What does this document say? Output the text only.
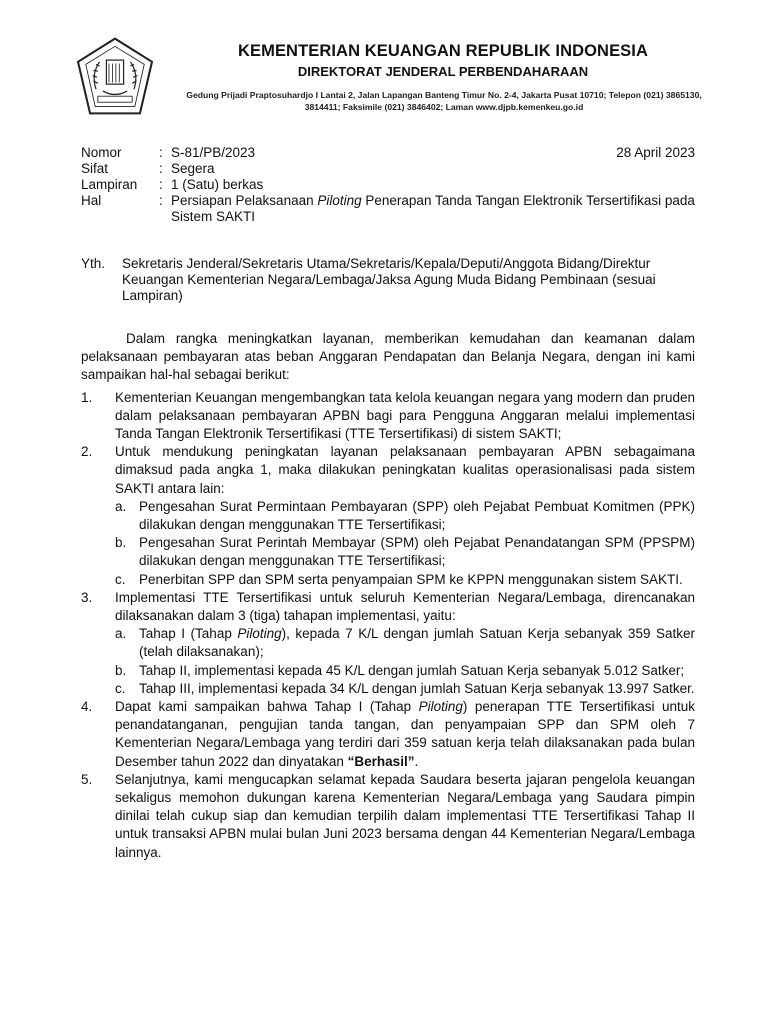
KEMENTERIAN KEUANGAN REPUBLIK INDONESIA
DIREKTORAT JENDERAL PERBENDAHARAAN
Gedung Prijadi Praptosuhardjo I Lantai 2, Jalan Lapangan Banteng Timur No. 2-4, Jakarta Pusat 10710; Telepon (021) 3865130,
3814411; Faksimile (021) 3846402; Laman www.djpb.kemenkeu.go.id
28 April 2023
Nomor	: S-81/PB/2023
Sifat	: Segera
Lampiran	: 1 (Satu) berkas
Hal	: Persiapan Pelaksanaan Piloting Penerapan Tanda Tangan Elektronik Tersertifikasi pada Sistem SAKTI
Yth.	Sekretaris Jenderal/Sekretaris Utama/Sekretaris/Kepala/Deputi/Anggota Bidang/Direktur Keuangan Kementerian Negara/Lembaga/Jaksa Agung Muda Bidang Pembinaan (sesuai Lampiran)

Dalam rangka meningkatkan layanan, memberikan kemudahan dan keamanan dalam pelaksanaan pembayaran atas beban Anggaran Pendapatan dan Belanja Negara, dengan ini kami sampaikan hal-hal sebagai berikut:

1.	Kementerian Keuangan mengembangkan tata kelola keuangan negara yang modern dan pruden dalam pelaksanaan pembayaran APBN bagi para Pengguna Anggaran melalui implementasi Tanda Tangan Elektronik Tersertifikasi (TTE Tersertifikasi) di sistem SAKTI;
2.	Untuk mendukung peningkatan layanan pelaksanaan pembayaran APBN sebagaimana dimaksud pada angka 1, maka dilakukan peningkatan kualitas operasionalisasi pada sistem SAKTI antara lain:
a. Pengesahan Surat Permintaan Pembayaran (SPP) oleh Pejabat Pembuat Komitmen (PPK) dilakukan dengan menggunakan TTE Tersertifikasi;
b. Pengesahan Surat Perintah Membayar (SPM) oleh Pejabat Penandatangan SPM (PPSPM) dilakukan dengan menggunakan TTE Tersertifikasi;
c. Penerbitan SPP dan SPM serta penyampaian SPM ke KPPN menggunakan sistem SAKTI.
3.	Implementasi TTE Tersertifikasi untuk seluruh Kementerian Negara/Lembaga, direncanakan dilaksanakan dalam 3 (tiga) tahapan implementasi, yaitu:
a. Tahap I (Tahap Piloting), kepada 7 K/L dengan jumlah Satuan Kerja sebanyak 359 Satker (telah dilaksanakan);
b. Tahap II, implementasi kepada 45 K/L dengan jumlah Satuan Kerja sebanyak 5.012 Satker;
c. Tahap III, implementasi kepada 34 K/L dengan jumlah Satuan Kerja sebanyak 13.997 Satker.
4.	Dapat kami sampaikan bahwa Tahap I (Tahap Piloting) penerapan TTE Tersertifikasi untuk penandatanganan, pengujian tanda tangan, dan penyampaian SPP dan SPM oleh 7 Kementerian Negara/Lembaga yang terdiri dari 359 satuan kerja telah dilaksanakan pada bulan Desember tahun 2022 dan dinyatakan “Berhasil”.
5.	Selanjutnya, kami mengucapkan selamat kepada Saudara beserta jajaran pengelola keuangan sekaligus memohon dukungan karena Kementerian Negara/Lembaga yang Saudara pimpin dinilai telah cukup siap dan kemudian terpilih dalam implementasi TTE Tersertifikasi Tahap II untuk transaksi APBN mulai bulan Juni 2023 bersama dengan 44 Kementerian Negara/Lembaga lainnya.
